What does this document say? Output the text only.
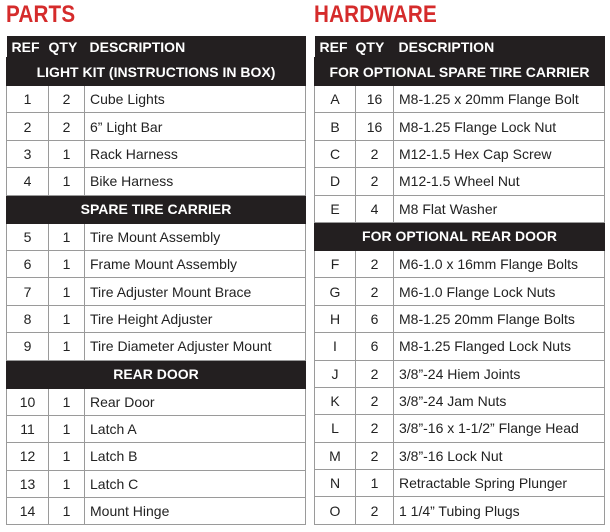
PARTS
REF	QTY	DESCRIPTION
LIGHT KIT (INSTRUCTIONS IN BOX)		
1	2	Cube Lights
2	2	6” Light Bar
3	1	Rack Harness
4	1	Bike Harness
SPARE TIRE CARRIER		
5	1	Tire Mount Assembly
6	1	Frame Mount Assembly
7	1	Tire Adjuster Mount Brace
8	1	Tire Height Adjuster
9	1	Tire Diameter Adjuster Mount
REAR DOOR		
10	1	Rear Door
11	1	Latch A
12	1	Latch B
13	1	Latch C
14	1	Mount Hinge
HARDWARE
REF	QTY	DESCRIPTION
FOR OPTIONAL SPARE TIRE CARRIER		
A	16	M8-1.25 x 20mm Flange Bolt
B	16	M8-1.25 Flange Lock Nut
C	2	M12-1.5 Hex Cap Screw
D	2	M12-1.5 Wheel Nut
E	4	M8 Flat Washer
FOR OPTIONAL REAR DOOR		
F	2	M6-1.0 x 16mm Flange Bolts
G	2	M6-1.0 Flange Lock Nuts
H	6	M8-1.25 20mm Flange Bolts
I	6	M8-1.25 Flanged Lock Nuts
J	2	3/8”-24 Hiem Joints
K	2	3/8”-24 Jam Nuts
L	2	3/8”-16 x 1-1/2” Flange Head
M	2	3/8”-16 Lock Nut
N	1	Retractable Spring Plunger
O	2	1 1/4” Tubing Plugs
